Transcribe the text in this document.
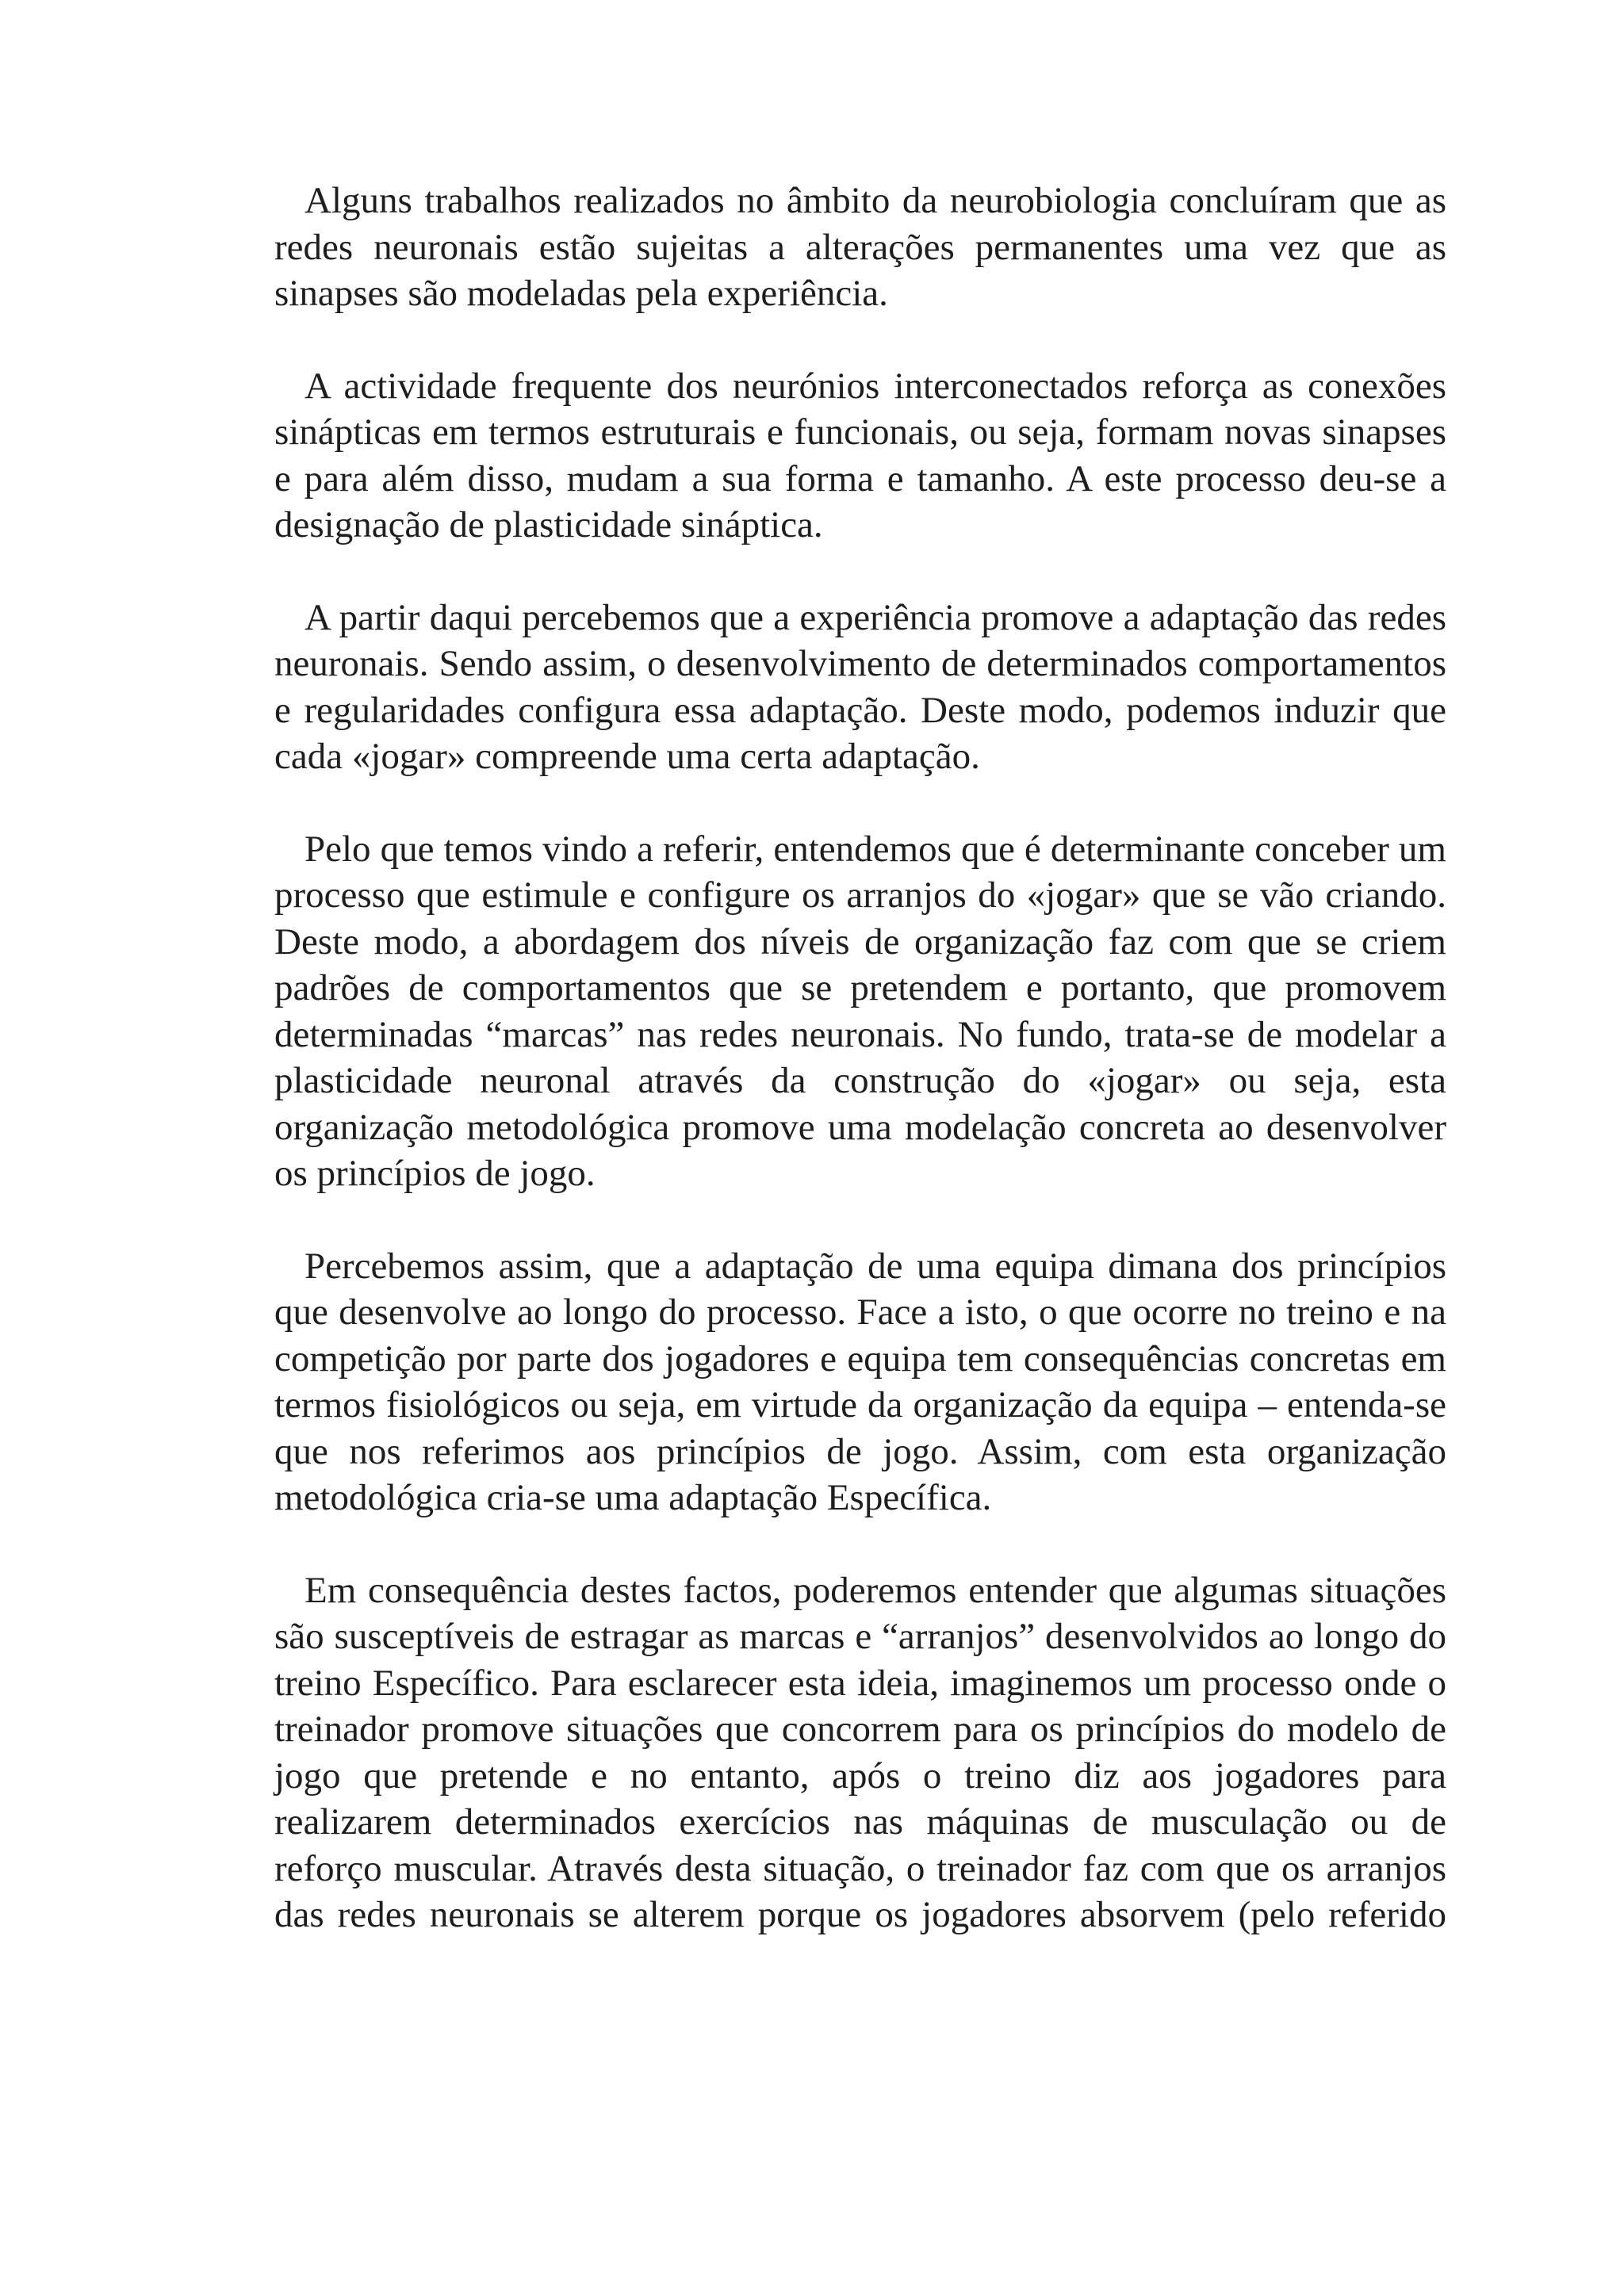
Alguns trabalhos realizados no âmbito da neurobiologia concluíram que as redes neuronais estão sujeitas a alterações permanentes uma vez que as sinapses são modeladas pela experiência.

A actividade frequente dos neurónios interconectados reforça as conexões sinápticas em termos estruturais e funcionais, ou seja, formam novas sinapses e para além disso, mudam a sua forma e tamanho. A este processo deu-se a designação de plasticidade sináptica.

A partir daqui percebemos que a experiência promove a adaptação das redes neuronais. Sendo assim, o desenvolvimento de determinados comportamentos e regularidades configura essa adaptação. Deste modo, podemos induzir que cada «jogar» compreende uma certa adaptação.

Pelo que temos vindo a referir, entendemos que é determinante conceber um processo que estimule e configure os arranjos do «jogar» que se vão criando. Deste modo, a abordagem dos níveis de organização faz com que se criem padrões de comportamentos que se pretendem e portanto, que promovem determinadas “marcas” nas redes neuronais. No fundo, trata-se de modelar a plasticidade neuronal através da construção do «jogar» ou seja, esta organização metodológica promove uma modelação concreta ao desenvolver os princípios de jogo.

Percebemos assim, que a adaptação de uma equipa dimana dos princípios que desenvolve ao longo do processo. Face a isto, o que ocorre no treino e na competição por parte dos jogadores e equipa tem consequências concretas em termos fisiológicos ou seja, em virtude da organização da equipa – entenda-se que nos referimos aos princípios de jogo. Assim, com esta organização metodológica cria-se uma adaptação Específica.

Em consequência destes factos, poderemos entender que algumas situações são susceptíveis de estragar as marcas e “arranjos” desenvolvidos ao longo do treino Específico. Para esclarecer esta ideia, imaginemos um processo onde o treinador promove situações que concorrem para os princípios do modelo de jogo que pretende e no entanto, após o treino diz aos jogadores para realizarem determinados exercícios nas máquinas de musculação ou de reforço muscular. Através desta situação, o treinador faz com que os arranjos das redes neuronais se alterem porque os jogadores absorvem (pelo referido
